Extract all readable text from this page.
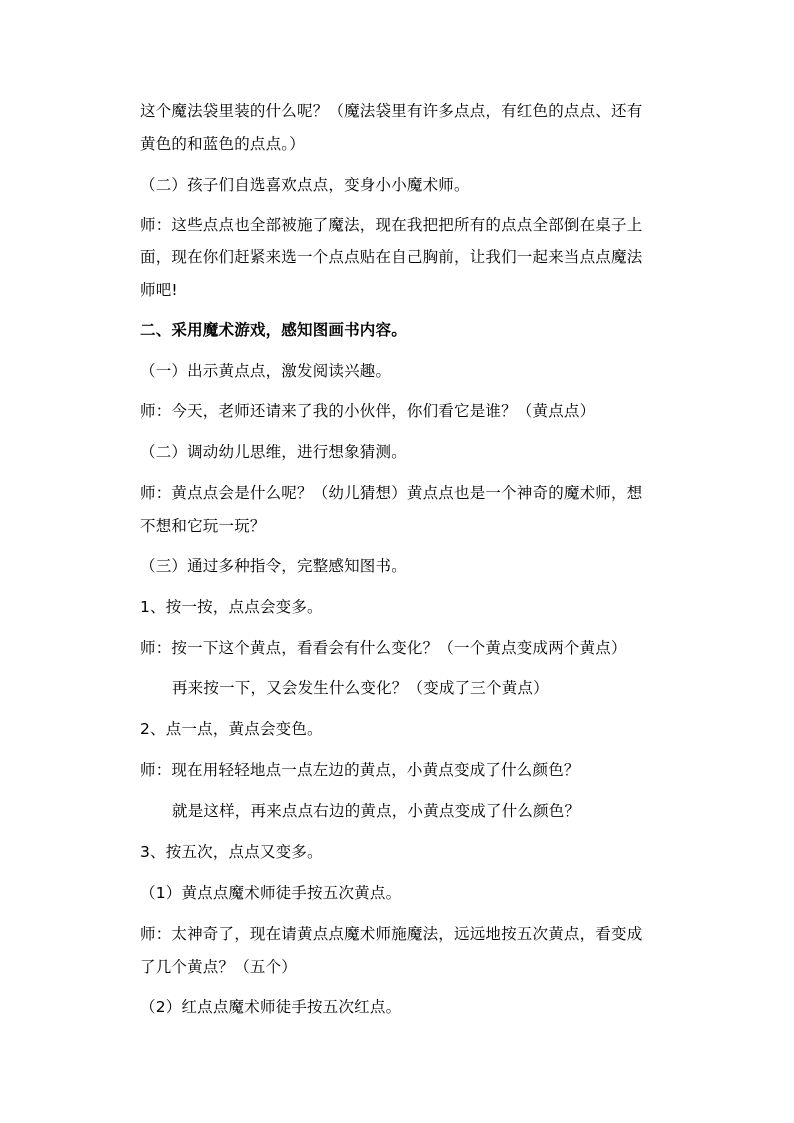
这个魔法袋里装的什么呢？（魔法袋里有许多点点，有红色的点点、还有
黄色的和蓝色的点点。）
（二）孩子们自选喜欢点点，变身小小魔术师。
师：这些点点也全部被施了魔法，现在我把把所有的点点全部倒在桌子上
面，现在你们赶紧来选一个点点贴在自己胸前，让我们一起来当点点魔法
师吧!
二、采用魔术游戏，感知图画书内容。
（一）出示黄点点，激发阅读兴趣。
师：今天，老师还请来了我的小伙伴，你们看它是谁？（黄点点）
（二）调动幼儿思维，进行想象猜测。
师：黄点点会是什么呢？（幼儿猜想）黄点点也是一个神奇的魔术师，想
不想和它玩一玩？
（三）通过多种指令，完整感知图书。
1、按一按，点点会变多。
师：按一下这个黄点，看看会有什么变化？（一个黄点变成两个黄点）
再来按一下，又会发生什么变化？（变成了三个黄点）
2、点一点，黄点会变色。
师：现在用轻轻地点一点左边的黄点，小黄点变成了什么颜色？
就是这样，再来点点右边的黄点，小黄点变成了什么颜色？
3、按五次，点点又变多。
（1）黄点点魔术师徒手按五次黄点。
师：太神奇了，现在请黄点点魔术师施魔法，远远地按五次黄点，看变成
了几个黄点？（五个）
（2）红点点魔术师徒手按五次红点。
